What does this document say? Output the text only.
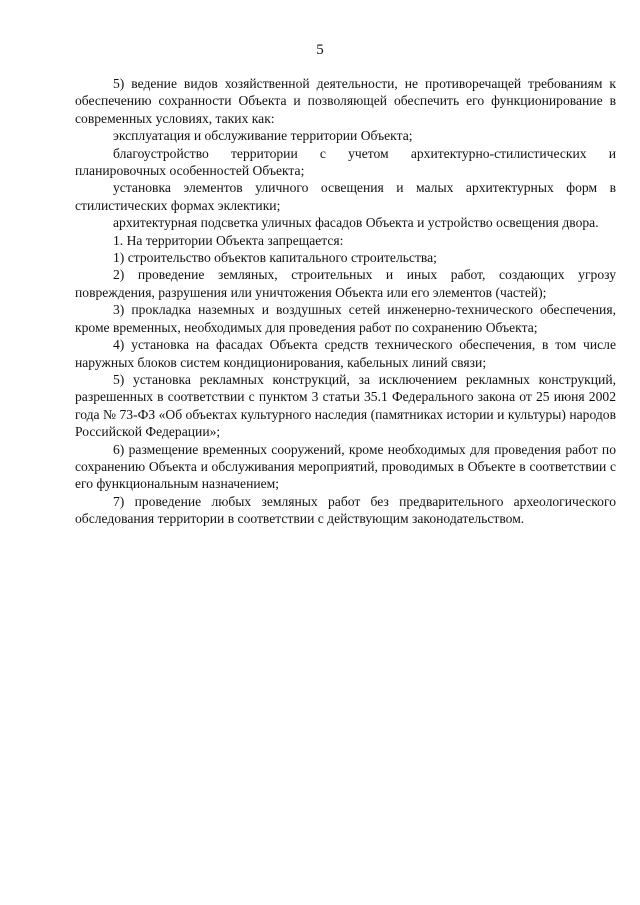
5

5) ведение видов хозяйственной деятельности, не противоречащей требованиям к обеспечению сохранности Объекта и позволяющей обеспечить его функционирование в современных условиях, таких как:

эксплуатация и обслуживание территории Объекта;

благоустройство территории с учетом архитектурно-стилистических и планировочных особенностей Объекта;

установка элементов уличного освещения и малых архитектурных форм в стилистических формах эклектики;

архитектурная подсветка уличных фасадов Объекта и устройство освещения двора.

1. На территории Объекта запрещается:

1) строительство объектов капитального строительства;

2) проведение земляных, строительных и иных работ, создающих угрозу повреждения, разрушения или уничтожения Объекта или его элементов (частей);

3) прокладка наземных и воздушных сетей инженерно-технического обеспечения, кроме временных, необходимых для проведения работ по сохранению Объекта;

4) установка на фасадах Объекта средств технического обеспечения, в том числе наружных блоков систем кондиционирования, кабельных линий связи;

5) установка рекламных конструкций, за исключением рекламных конструкций, разрешенных в соответствии с пунктом 3 статьи 35.1 Федерального закона от 25 июня 2002 года № 73-ФЗ «Об объектах культурного наследия (памятниках истории и культуры) народов Российской Федерации»;

6) размещение временных сооружений, кроме необходимых для проведения работ по сохранению Объекта и обслуживания мероприятий, проводимых в Объекте в соответствии с его функциональным назначением;

7) проведение любых земляных работ без предварительного археологического обследования территории в соответствии с действующим законодательством.
